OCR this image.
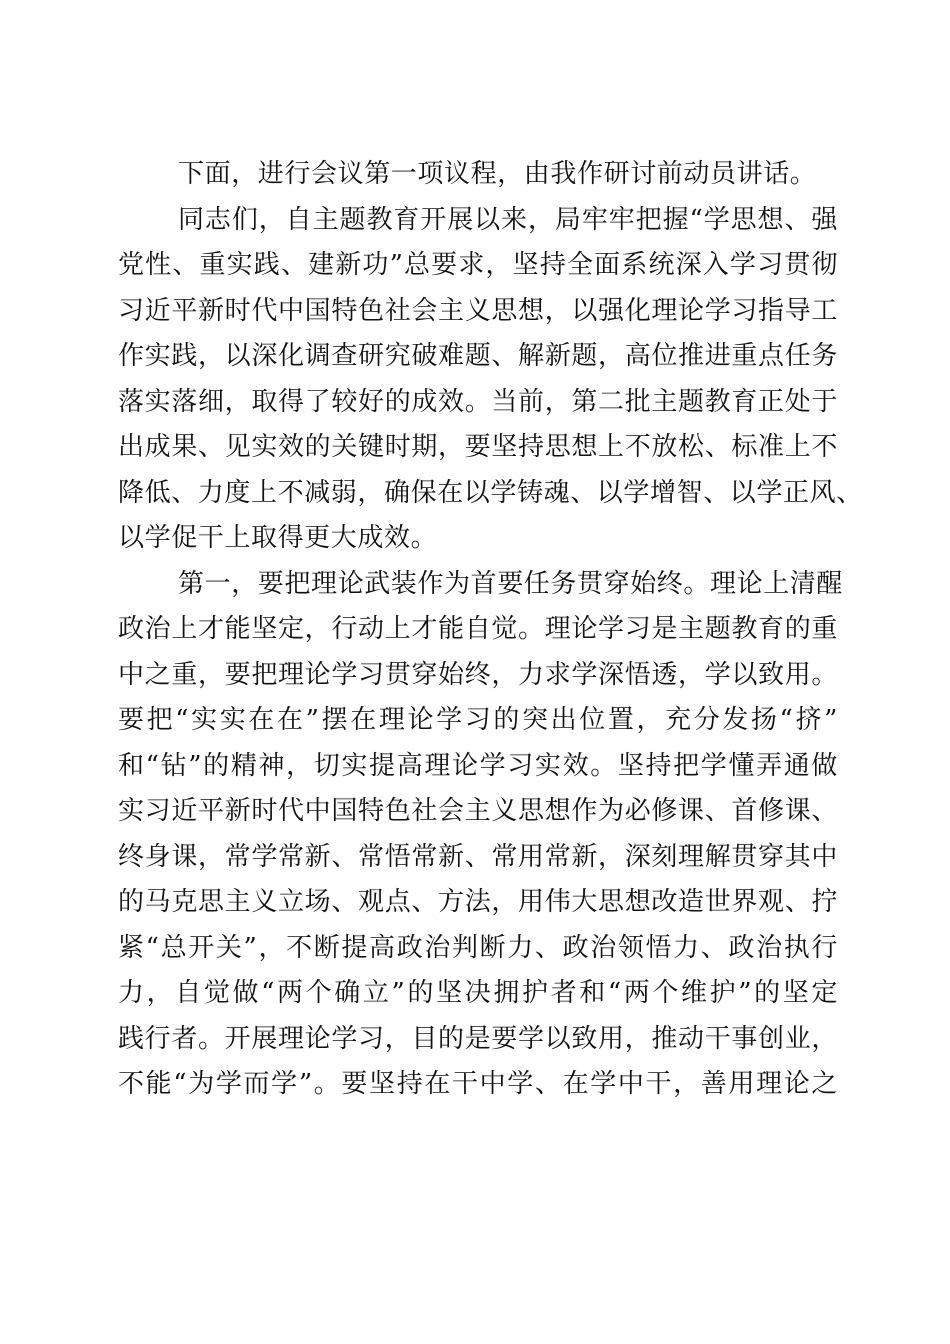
下面，进行会议第一项议程，由我作研讨前动员讲话。
同志们，自主题教育开展以来，局牢牢把握“学思想、强
党性、重实践、建新功”总要求，坚持全面系统深入学习贯彻
习近平新时代中国特色社会主义思想，以强化理论学习指导工
作实践，以深化调查研究破难题、解新题，高位推进重点任务
落实落细，取得了较好的成效。当前，第二批主题教育正处于
出成果、见实效的关键时期，要坚持思想上不放松、标准上不
降低、力度上不减弱，确保在以学铸魂、以学增智、以学正风、
以学促干上取得更大成效。
第一，要把理论武装作为首要任务贯穿始终。理论上清醒
政治上才能坚定，行动上才能自觉。理论学习是主题教育的重
中之重，要把理论学习贯穿始终，力求学深悟透，学以致用。
要把“实实在在”摆在理论学习的突出位置，充分发扬“挤”
和“钻”的精神，切实提高理论学习实效。坚持把学懂弄通做
实习近平新时代中国特色社会主义思想作为必修课、首修课、
终身课，常学常新、常悟常新、常用常新，深刻理解贯穿其中
的马克思主义立场、观点、方法，用伟大思想改造世界观、拧
紧“总开关”，不断提高政治判断力、政治领悟力、政治执行
力，自觉做“两个确立”的坚决拥护者和“两个维护”的坚定
践行者。开展理论学习，目的是要学以致用，推动干事创业，
不能“为学而学”。要坚持在干中学、在学中干，善用理论之
